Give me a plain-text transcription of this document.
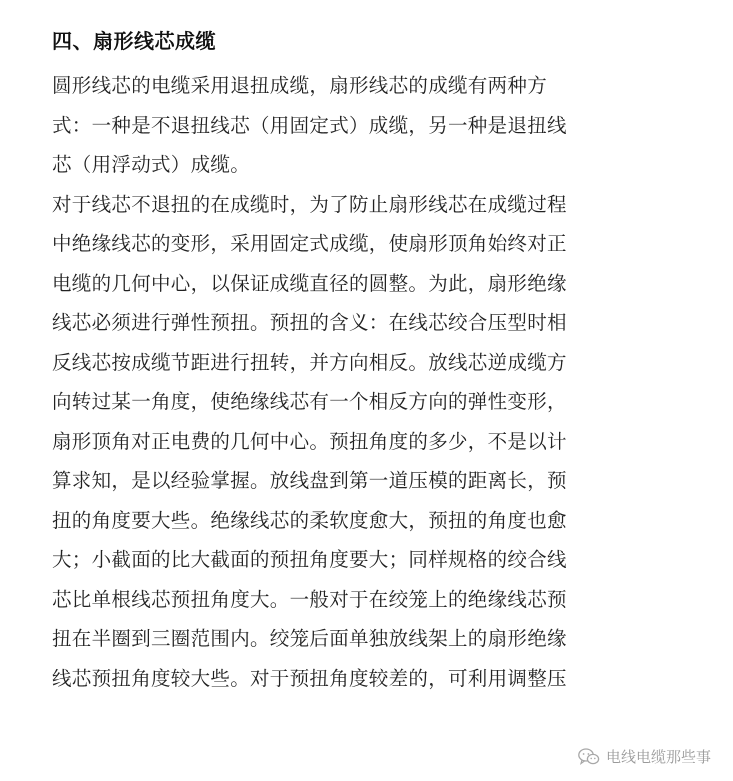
四、扇形线芯成缆
圆形线芯的电缆采用退扭成缆，扇形线芯的成缆有两种方
式：一种是不退扭线芯（用固定式）成缆，另一种是退扭线
芯（用浮动式）成缆。
对于线芯不退扭的在成缆时，为了防止扇形线芯在成缆过程
中绝缘线芯的变形，采用固定式成缆，使扇形顶角始终对正
电缆的几何中心，以保证成缆直径的圆整。为此，扇形绝缘
线芯必须进行弹性预扭。预扭的含义：在线芯绞合压型时相
反线芯按成缆节距进行扭转，并方向相反。放线芯逆成缆方
向转过某一角度，使绝缘线芯有一个相反方向的弹性变形，
扇形顶角对正电费的几何中心。预扭角度的多少，不是以计
算求知，是以经验掌握。放线盘到第一道压模的距离长，预
扭的角度要大些。绝缘线芯的柔软度愈大，预扭的角度也愈
大；小截面的比大截面的预扭角度要大；同样规格的绞合线
芯比单根线芯预扭角度大。一般对于在绞笼上的绝缘线芯预
扭在半圈到三圈范围内。绞笼后面单独放线架上的扇形绝缘
线芯预扭角度较大些。对于预扭角度较差的，可利用调整压
电线电缆那些事
